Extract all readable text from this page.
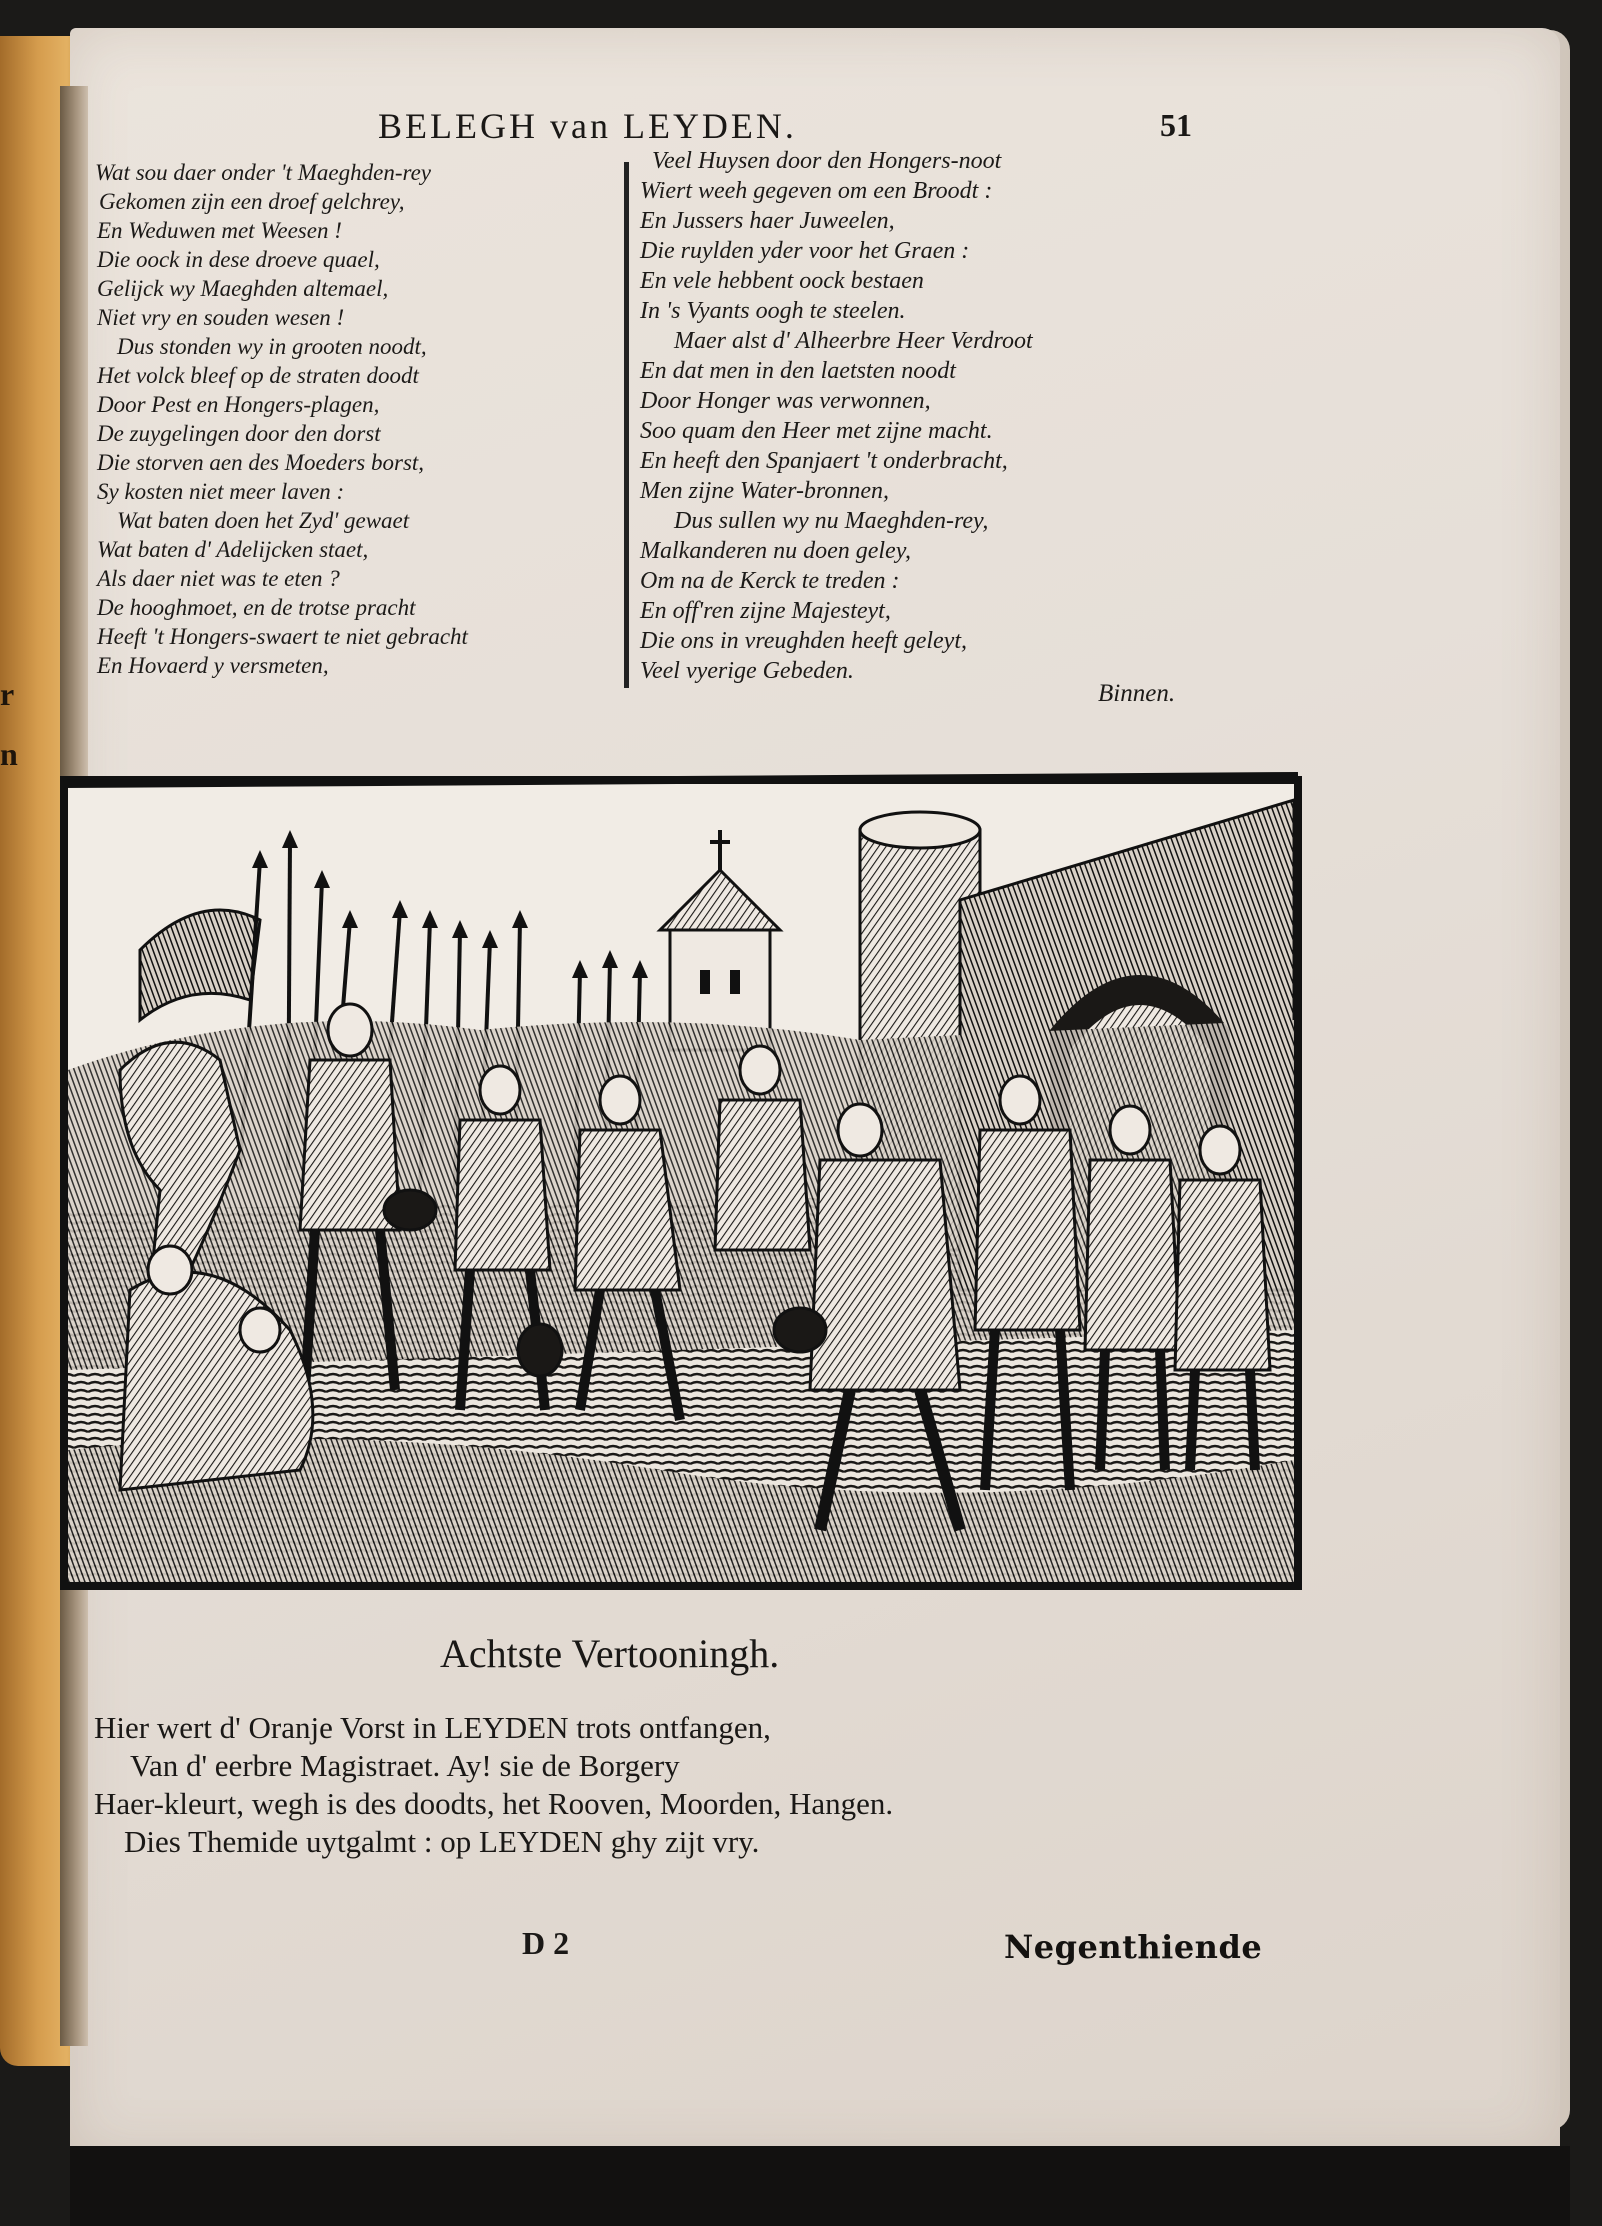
r
n
BELEGH van LEYDEN.	51
Wat sou daer onder 't Maeghden-rey
Gekomen zijn een droef gelchrey,
En Weduwen met Weesen !
Die oock in dese droeve quael,
Gelijck wy Maeghden altemael,
Niet vry en souden wesen !
Dus stonden wy in grooten noodt,
Het volck bleef op de straten doodt
Door Pest en Hongers-plagen,
De zuygelingen door den dorst
Die storven aen des Moeders borst,
Sy kosten niet meer laven :
Wat baten doen het Zyd' gewaet
Wat baten d' Adelijcken staet,
Als daer niet was te eten ?
De hooghmoet, en de trotse pracht
Heeft 't Hongers-swaert te niet gebracht
En Hovaerd y versmeten,
Veel Huysen door den Hongers-noot
Wiert weeh gegeven om een Broodt :
En Jussers haer Juweelen,
Die ruylden yder voor het Graen :
En vele hebbent oock bestaen
In 's Vyants oogh te steelen.
Maer alst d' Alheerbre Heer Verdroot
En dat men in den laetsten noodt
Door Honger was verwonnen,
Soo quam den Heer met zijne macht.
En heeft den Spanjaert 't onderbracht,
Men zijne Water-bronnen,
Dus sullen wy nu Maeghden-rey,
Malkanderen nu doen geley,
Om na de Kerck te treden :
En off'ren zijne Majesteyt,
Die ons in vreughden heeft geleyt,
Veel vyerige Gebeden.
Binnen.
Achtste Vertooningh.
Hier wert d' Oranje Vorst in LEYDEN trots ontfangen,
Van d' eerbre Magistraet. Ay! sie de Borgery
Haer-kleurt, wegh is des doodts, het Rooven, Moorden, Hangen.
Dies Themide uytgalmt : op LEYDEN ghy zijt vry.
D 2	Negenthiende
